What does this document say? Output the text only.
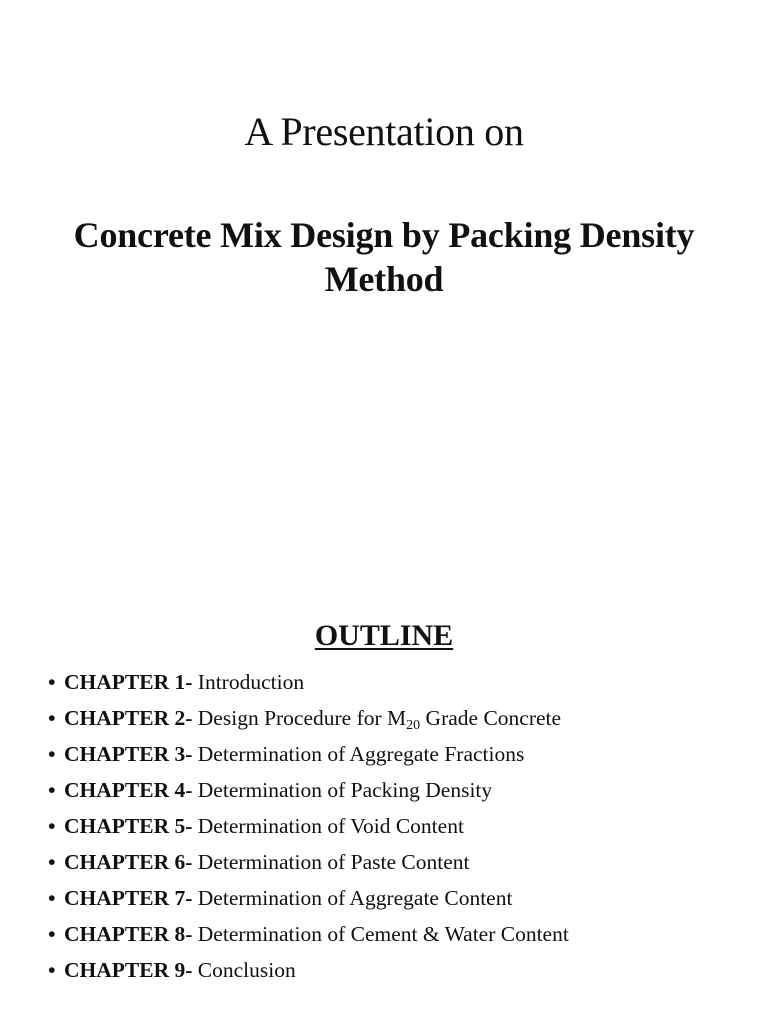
A Presentation on
Concrete Mix Design by Packing Density
Method
OUTLINE
• CHAPTER 1- Introduction
• CHAPTER 2- Design Procedure for $M_{20}$ Grade Concrete
• CHAPTER 3- Determination of Aggregate Fractions
• CHAPTER 4- Determination of Packing Density
• CHAPTER 5- Determination of Void Content
• CHAPTER 6- Determination of Paste Content
• CHAPTER 7- Determination of Aggregate Content
• CHAPTER 8- Determination of Cement & Water Content
• CHAPTER 9- Conclusion
